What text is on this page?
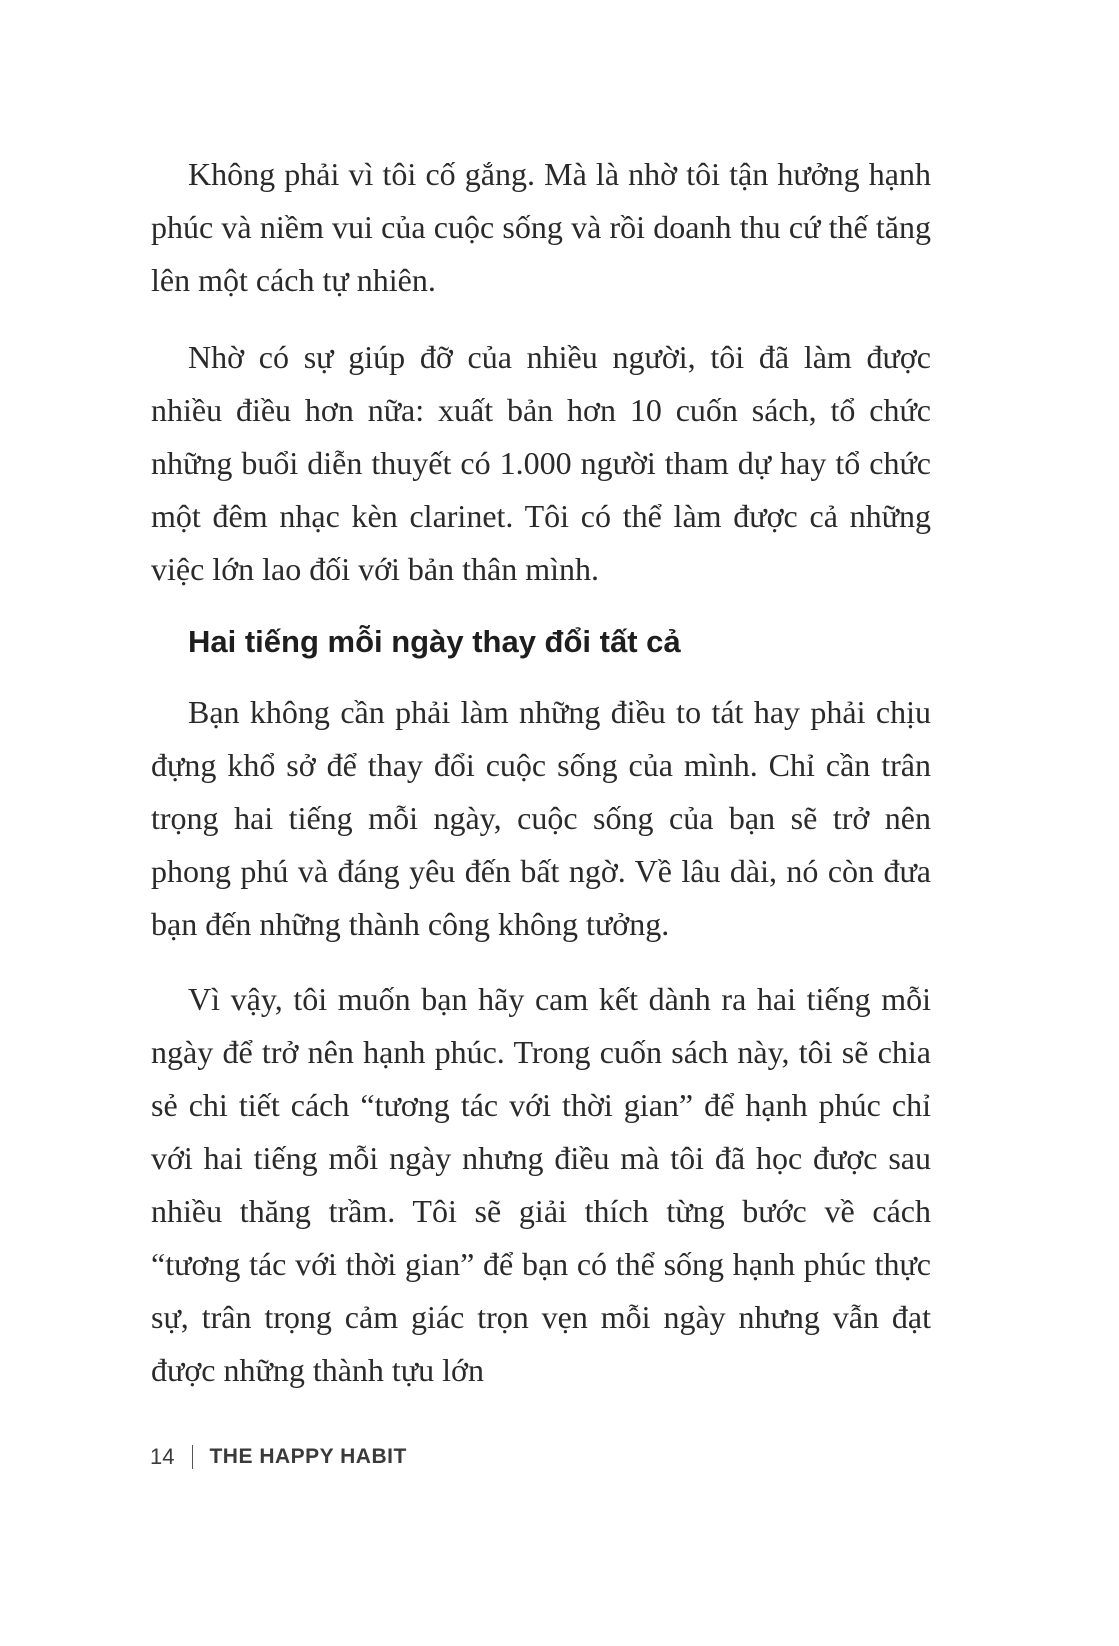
Không phải vì tôi cố gắng. Mà là nhờ tôi tận hưởng hạnh phúc và niềm vui của cuộc sống và rồi doanh thu cứ thế tăng lên một cách tự nhiên.

Nhờ có sự giúp đỡ của nhiều người, tôi đã làm được nhiều điều hơn nữa: xuất bản hơn 10 cuốn sách, tổ chức những buổi diễn thuyết có 1.000 người tham dự hay tổ chức một đêm nhạc kèn clarinet. Tôi có thể làm được cả những việc lớn lao đối với bản thân mình.

Hai tiếng mỗi ngày thay đổi tất cả

Bạn không cần phải làm những điều to tát hay phải chịu đựng khổ sở để thay đổi cuộc sống của mình. Chỉ cần trân trọng hai tiếng mỗi ngày, cuộc sống của bạn sẽ trở nên phong phú và đáng yêu đến bất ngờ. Về lâu dài, nó còn đưa bạn đến những thành công không tưởng.

Vì vậy, tôi muốn bạn hãy cam kết dành ra hai tiếng mỗi ngày để trở nên hạnh phúc. Trong cuốn sách này, tôi sẽ chia sẻ chi tiết cách “tương tác với thời gian” để hạnh phúc chỉ với hai tiếng mỗi ngày nhưng điều mà tôi đã học được sau nhiều thăng trầm. Tôi sẽ giải thích từng bước về cách “tương tác với thời gian” để bạn có thể sống hạnh phúc thực sự, trân trọng cảm giác trọn vẹn mỗi ngày nhưng vẫn đạt được những thành tựu lớn

14 THE HAPPY HABIT
